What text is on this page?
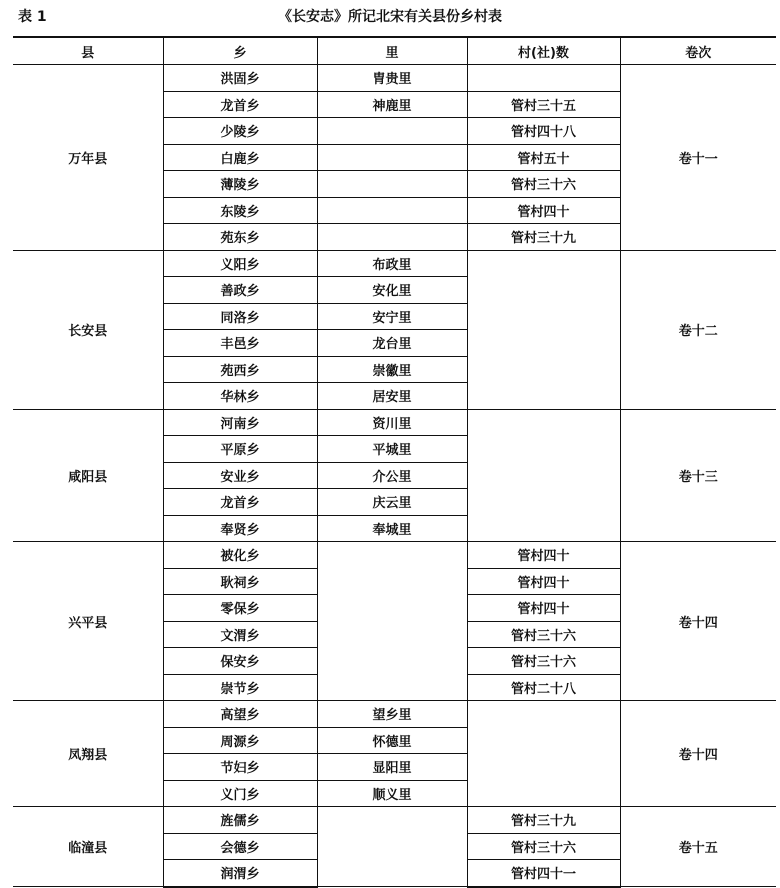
表 1	《长安志》所记北宋有关县份乡村表
县	乡	里	村(社)数	卷次
万年县	洪固乡	胄贵里		卷十一
	龙首乡	神鹿里	管村三十五	
	少陵乡		管村四十八	
	白鹿乡		管村五十	
	薄陵乡		管村三十六	
	东陵乡		管村四十	
	苑东乡		管村三十九	
长安县	义阳乡	布政里		卷十二
	善政乡	安化里		
	同洛乡	安宁里		
	丰邑乡	龙台里		
	苑西乡	崇徽里		
	华林乡	居安里		
咸阳县	河南乡	资川里		卷十三
	平原乡	平城里		
	安业乡	介公里		
	龙首乡	庆云里		
	奉贤乡	奉城里		
兴平县	被化乡		管村四十	卷十四
	耿祠乡		管村四十	
	零保乡		管村四十	
	文渭乡		管村三十六	
	保安乡		管村三十六	
	崇节乡		管村二十八	
凤翔县	高望乡	望乡里		卷十四
	周源乡	怀德里		
	节妇乡	显阳里		
	义门乡	顺义里		
临潼县	旌儒乡		管村三十九	卷十五
	会德乡		管村三十六	
	润渭乡		管村四十一	
